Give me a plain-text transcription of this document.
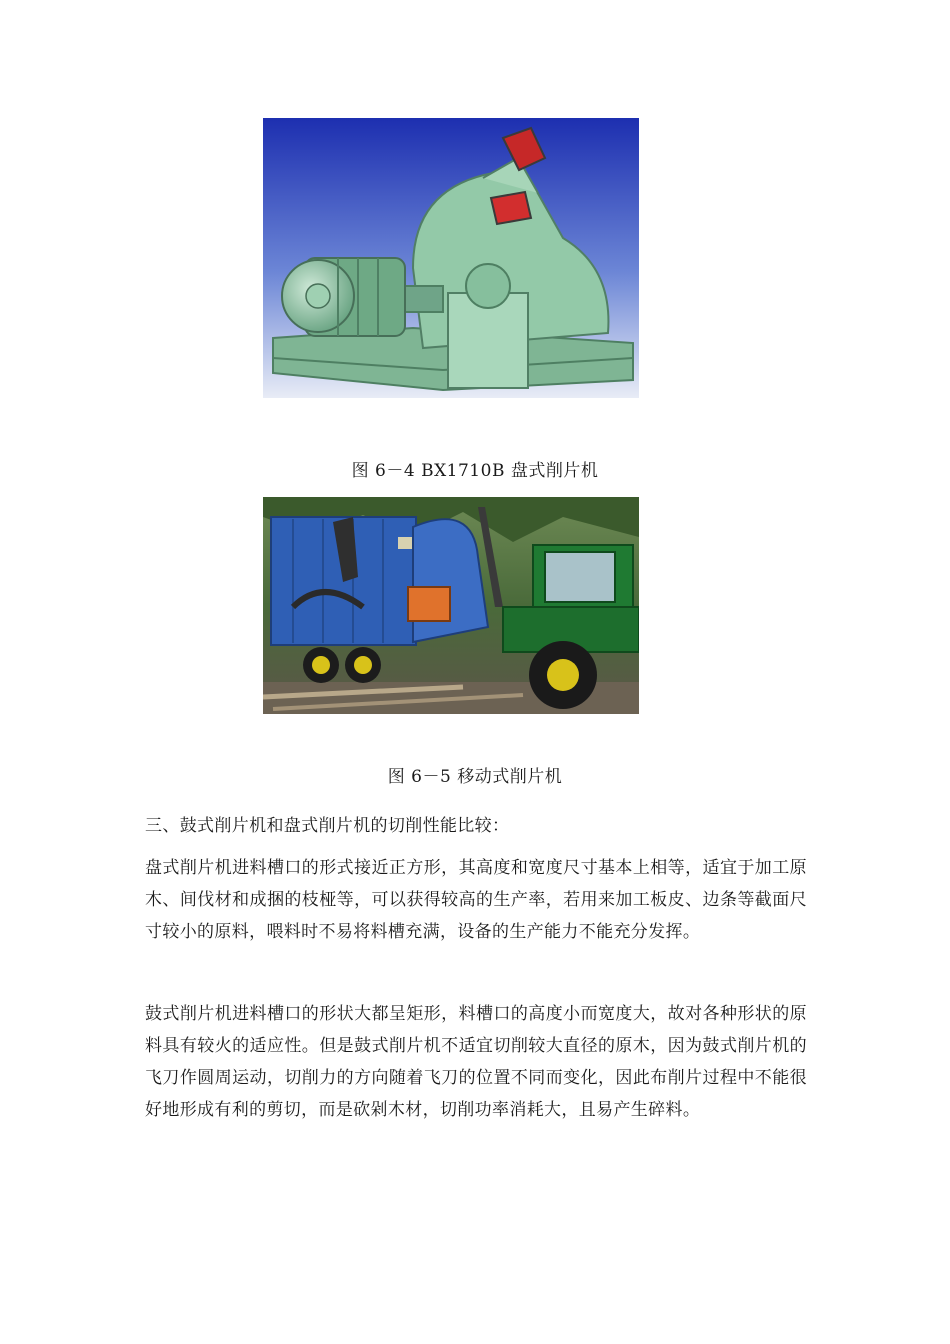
图 6－4 BX1710B 盘式削片机
图 6－5 移动式削片机

三、鼓式削片机和盘式削片机的切削性能比较：

盘式削片机进料槽口的形式接近正方形，其高度和宽度尺寸基本上相等，适宜于加工原木、间伐材和成捆的枝桠等，可以获得较高的生产率，若用来加工板皮、边条等截面尺寸较小的原料，喂料时不易将料槽充满，设备的生产能力不能充分发挥。

鼓式削片机进料槽口的形状大都呈矩形，料槽口的高度小而宽度大，故对各种形状的原料具有较火的适应性。但是鼓式削片机不适宜切削较大直径的原木，因为鼓式削片机的飞刀作圆周运动，切削力的方向随着飞刀的位置不同而变化，因此布削片过程中不能很好地形成有利的剪切，而是砍剁木材，切削功率消耗大，且易产生碎料。
